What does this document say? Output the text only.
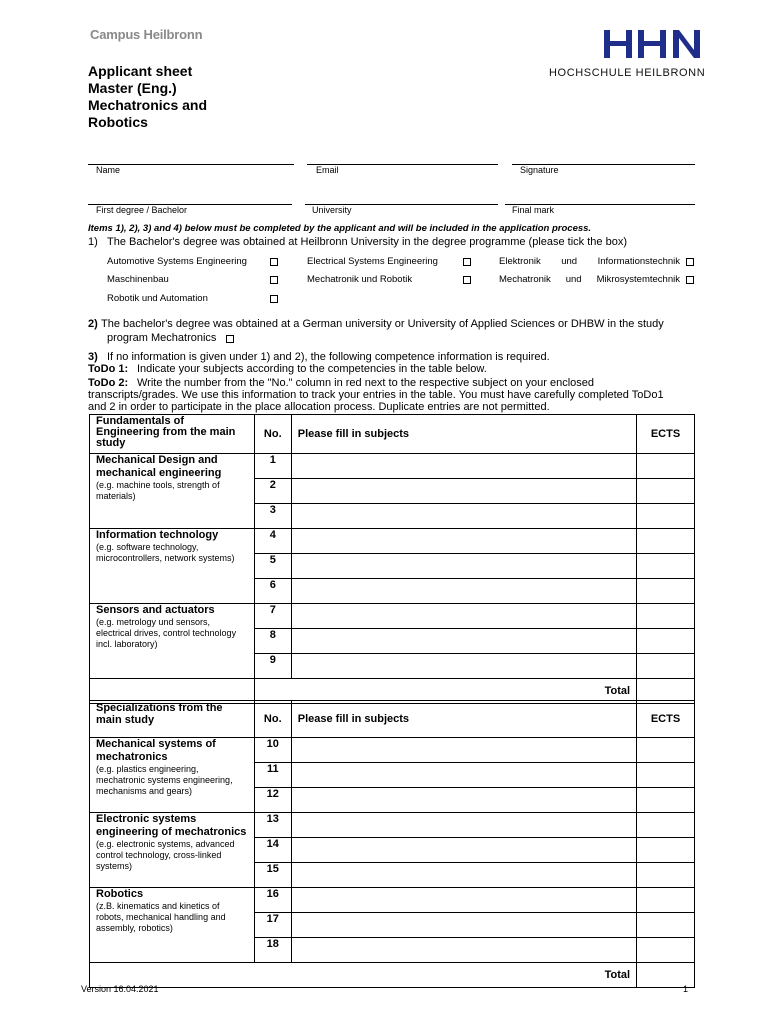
Campus Heilbronn
HOCHSCHULE HEILBRONN
Applicant sheet
Master (Eng.)
Mechatronics and
Robotics
Name	Email	Signature
First degree / Bachelor	University	Final mark
Items 1), 2), 3) and 4) below must be completed by the applicant and will be included in the application process.
1) The Bachelor's degree was obtained at Heilbronn University in the degree programme (please tick the box)
Automotive Systems Engineering	Electrical Systems Engineering	Elektronik und Informationstechnik
Maschinenbau	Mechatronik und Robotik	Mechatronik und Mikrosystemtechnik
Robotik und Automation
2) The bachelor's degree was obtained at a German university or University of Applied Sciences or DHBW in the study
program Mechatronics
3) If no information is given under 1) and 2), the following competence information is required.
ToDo 1: Indicate your subjects according to the competencies in the table below.
ToDo 2: Write the number from the "No." column in red next to the respective subject on your enclosed
transcripts/grades. We use this information to track your entries in the table. You must have carefully completed ToDo1
and 2 in order to participate in the place allocation process. Duplicate entries are not permitted.
Fundamentals of Engineering from the main study	No.	Please fill in subjects	ECTS

Mechanical Design and mechanical engineering
(e.g. machine tools, strength of materials)	1		
	2		
	3		

Information technology
(e.g. software technology, microcontrollers, network systems)	4		
	5		
	6		

Sensors and actuators
(e.g. metrology und sensors, electrical drives, control technology incl. laboratory)	7		
	8		
	9		
	Total		
Specializations from the main study	No.	Please fill in subjects	ECTS

Mechanical systems of mechatronics
(e.g. plastics engineering, mechatronic systems engineering, mechanisms and gears)	10		
	11		
	12		

Electronic systems engineering of mechatronics
(e.g. electronic systems, advanced control technology, cross-linked systems)	13		
	14		
	15		

Robotics
(z.B. kinematics and kinetics of robots, mechanical handling and assembly, robotics)	16		
	17		
	18		
Total			
Version 16.04.2021	1
